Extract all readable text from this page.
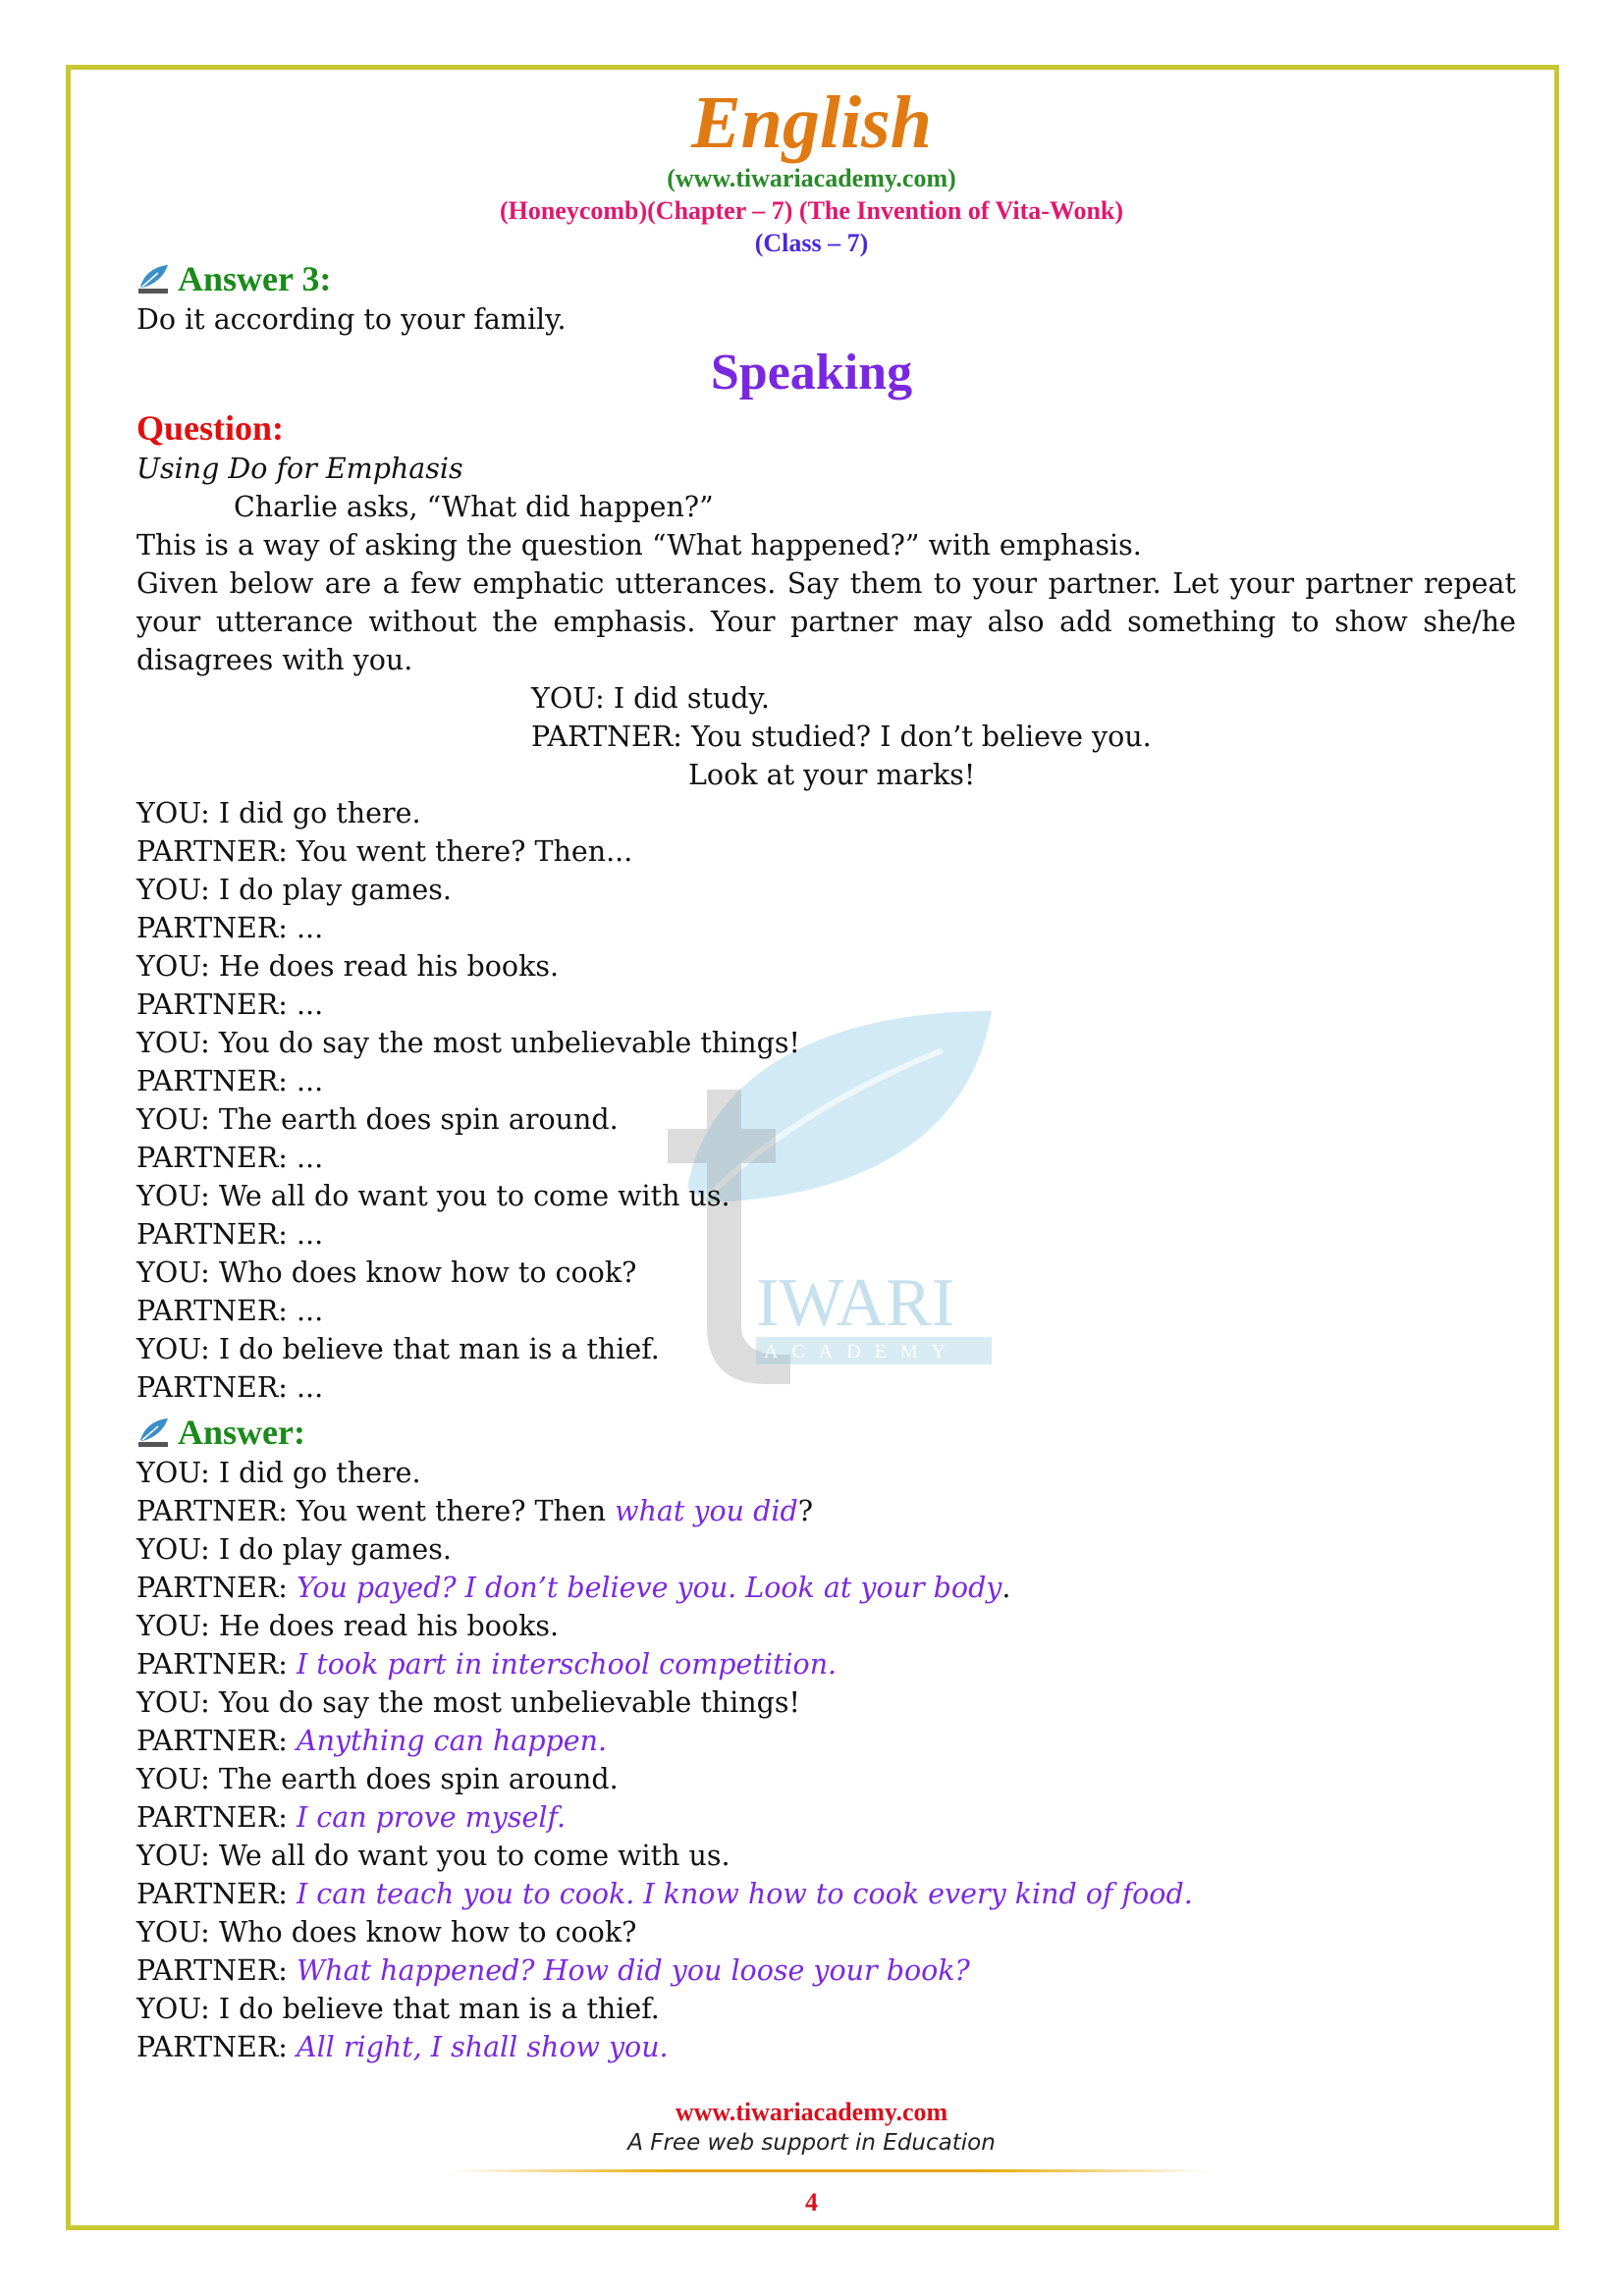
English
(www.tiwariacademy.com)
(Honeycomb)(Chapter – 7) (The Invention of Vita-Wonk)
(Class – 7)
IWARI
ACADEMY
Answer 3:
Do it according to your family.
Speaking
Question:
Using Do for Emphasis
Charlie asks, “What did happen?”
This is a way of asking the question “What happened?” with emphasis.
Given below are a few emphatic utterances. Say them to your partner. Let your partner repeat your utterance without the emphasis. Your partner may also add something to show she/he disagrees with you.
YOU: I did study.
PARTNER: You studied? I don’t believe you.
Look at your marks!
YOU: I did go there.
PARTNER: You went there? Then...
YOU: I do play games.
PARTNER: ...
YOU: He does read his books.
PARTNER: ...
YOU: You do say the most unbelievable things!
PARTNER: ...
YOU: The earth does spin around.
PARTNER: ...
YOU: We all do want you to come with us.
PARTNER: ...
YOU: Who does know how to cook?
PARTNER: ...
YOU: I do believe that man is a thief.
PARTNER: ...
Answer:
YOU: I did go there.
PARTNER: You went there? Then what you did?
YOU: I do play games.
PARTNER: You payed? I don’t believe you. Look at your body.
YOU: He does read his books.
PARTNER: I took part in interschool competition.
YOU: You do say the most unbelievable things!
PARTNER: Anything can happen.
YOU: The earth does spin around.
PARTNER: I can prove myself.
YOU: We all do want you to come with us.
PARTNER: I can teach you to cook. I know how to cook every kind of food.
YOU: Who does know how to cook?
PARTNER: What happened? How did you loose your book?
YOU: I do believe that man is a thief.
PARTNER: All right, I shall show you.
www.tiwariacademy.com
A Free web support in Education
4
